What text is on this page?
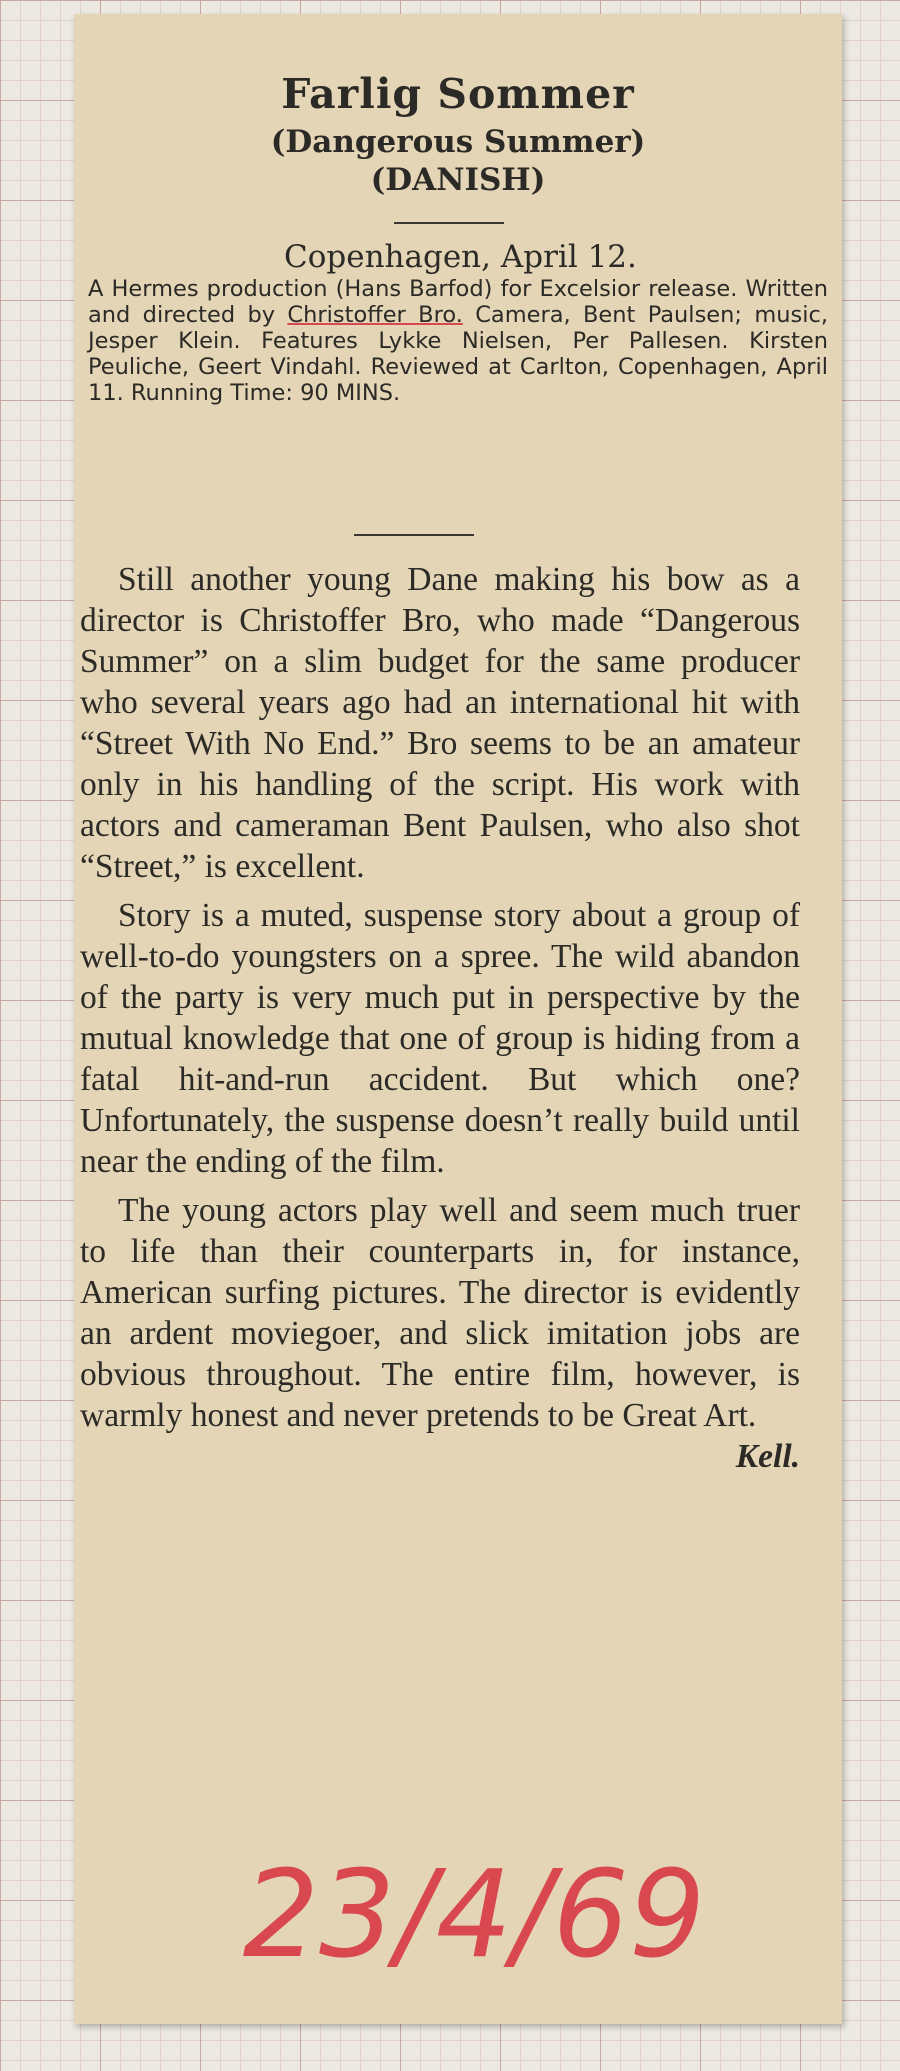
Farlig Sommer
(Dangerous Summer)
(DANISH)
Copenhagen, April 12.
A Hermes production (Hans Barfod) for Excelsior release. Written and directed by Christoffer Bro. Camera, Bent Paulsen; music, Jesper Klein. Features Lykke Nielsen, Per Pallesen. Kirsten Peuliche, Geert Vindahl. Reviewed at Carlton, Copenhagen, April 11. Running Time: 90 MINS.

Still another young Dane making his bow as a director is Christoffer Bro, who made “Dangerous Summer” on a slim budget for the same producer who several years ago had an international hit with “Street With No End.” Bro seems to be an amateur only in his handling of the script. His work with actors and cameraman Bent Paulsen, who also shot “Street,” is excellent.

Story is a muted, suspense story about a group of well-to-do youngsters on a spree. The wild abandon of the party is very much put in perspective by the mutual knowledge that one of group is hiding from a fatal hit-and-run accident. But which one? Unfortunately, the suspense doesn’t really build until near the ending of the film.

The young actors play well and seem much truer to life than their counterparts in, for instance, American surfing pictures. The director is evidently an ardent moviegoer, and slick imitation jobs are obvious throughout. The entire film, however, is warmly honest and never pretends to be Great Art.
Kell.

23/4/69
